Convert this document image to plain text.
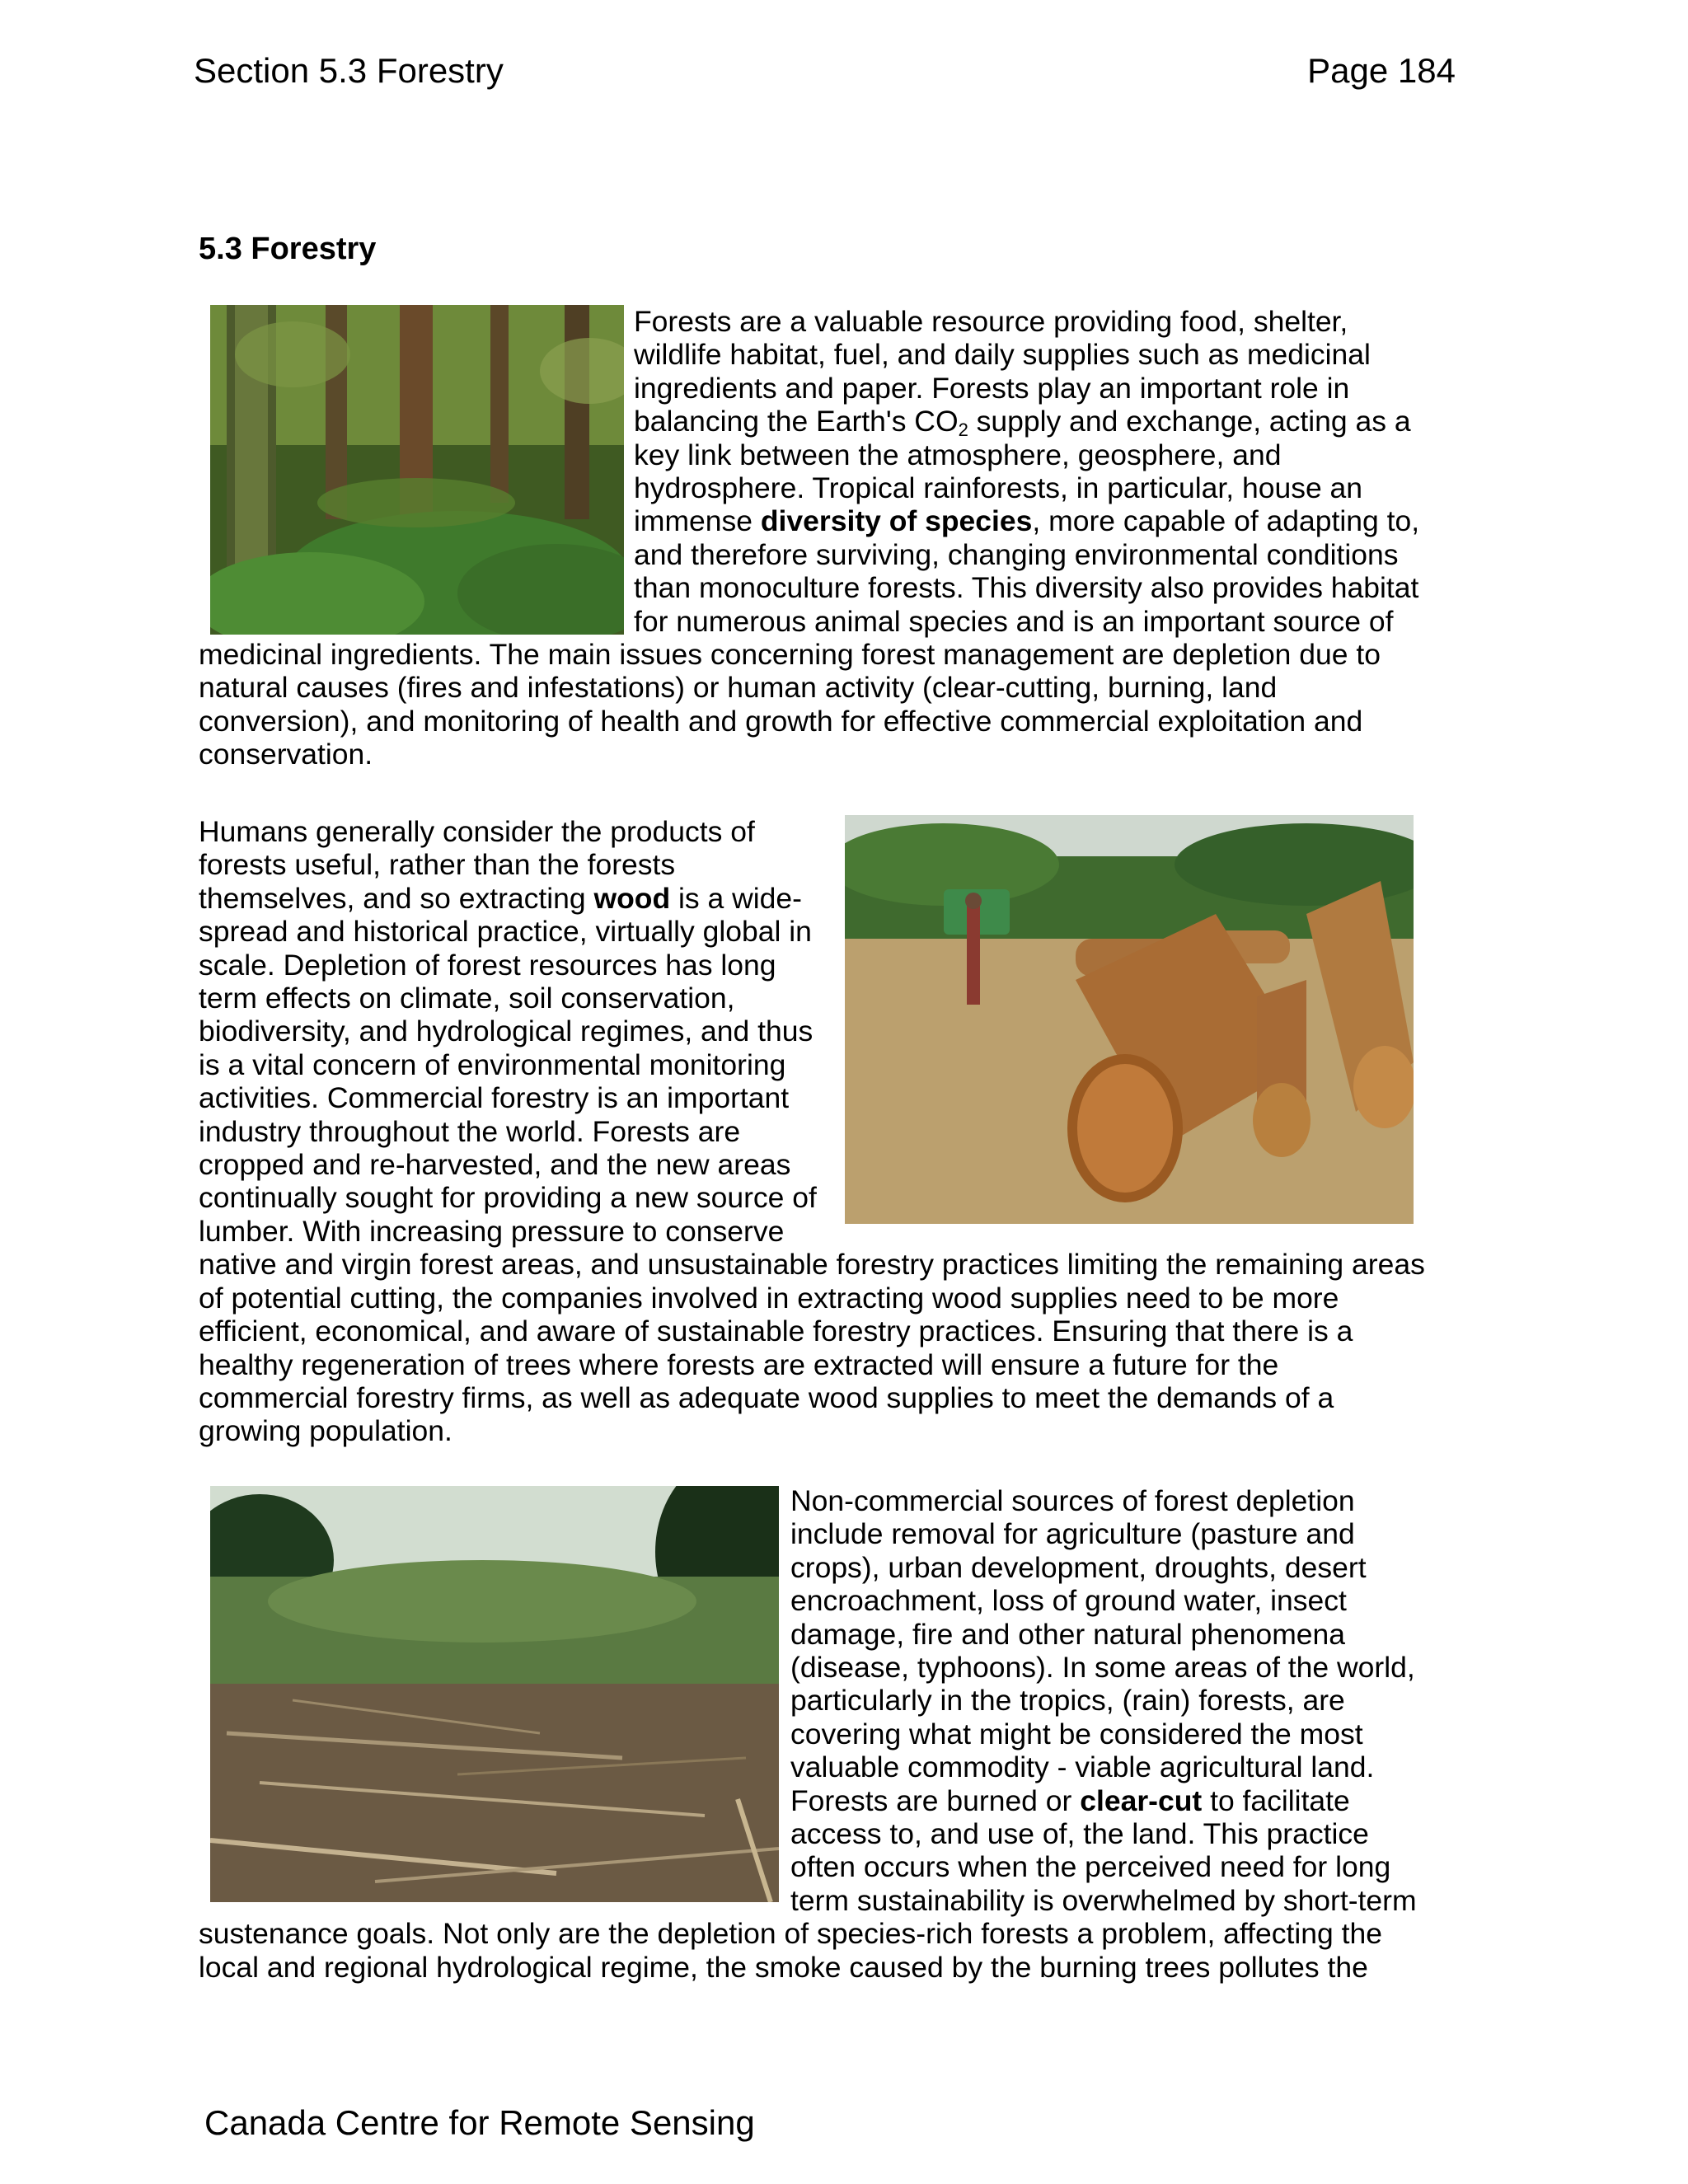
Section 5.3 Forestry	Page 184
5.3 Forestry

Forests are a valuable resource providing food, shelter, wildlife habitat, fuel, and daily supplies such as medicinal ingredients and paper. Forests play an important role in balancing the Earth's $CO_2$ supply and exchange, acting as a key link between the atmosphere, geosphere, and hydrosphere. Tropical rainforests, in particular, house an immense diversity of species, more capable of adapting to, and therefore surviving, changing environmental conditions than monoculture forests. This diversity also provides habitat for numerous animal species and is an important source of medicinal ingredients. The main issues concerning forest management are depletion due to natural causes (fires and infestations) or human activity (clear-cutting, burning, land conversion), and monitoring of health and growth for effective commercial exploitation and conservation.

Humans generally consider the products of forests useful, rather than the forests themselves, and so extracting wood is a wide-spread and historical practice, virtually global in scale. Depletion of forest resources has long term effects on climate, soil conservation, biodiversity, and hydrological regimes, and thus is a vital concern of environmental monitoring activities. Commercial forestry is an important industry throughout the world. Forests are cropped and re-harvested, and the new areas continually sought for providing a new source of lumber. With increasing pressure to conserve native and virgin forest areas, and unsustainable forestry practices limiting the remaining areas of potential cutting, the companies involved in extracting wood supplies need to be more efficient, economical, and aware of sustainable forestry practices. Ensuring that there is a healthy regeneration of trees where forests are extracted will ensure a future for the commercial forestry firms, as well as adequate wood supplies to meet the demands of a growing population.

Non-commercial sources of forest depletion include removal for agriculture (pasture and crops), urban development, droughts, desert encroachment, loss of ground water, insect damage, fire and other natural phenomena (disease, typhoons). In some areas of the world, particularly in the tropics, (rain) forests, are covering what might be considered the most valuable commodity - viable agricultural land. Forests are burned or clear-cut to facilitate access to, and use of, the land. This practice often occurs when the perceived need for long term sustainability is overwhelmed by short-term sustenance goals. Not only are the depletion of species-rich forests a problem, affecting the local and regional hydrological regime, the smoke caused by the burning trees pollutes the

Canada Centre for Remote Sensing
